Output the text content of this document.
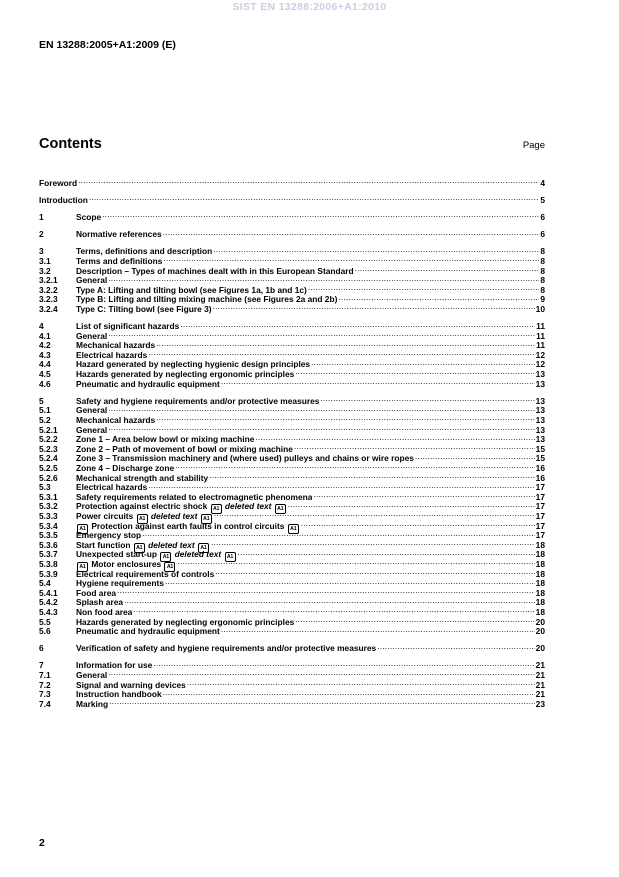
SIST EN 13288:2006+A1:2010
EN 13288:2005+A1:2009 (E)
Contents	Page
Foreword .....	4
Introduction .....	5
1	Scope .....	6
2	Normative references .....	6
3	Terms, definitions and description .....	8
3.1	Terms and definitions .....	8
3.2	Description – Types of machines dealt with in this European Standard .....	8
3.2.1	General .....	8
3.2.2	Type A: Lifting and tilting bowl (see Figures 1a, 1b and 1c) .....	8
3.2.3	Type B: Lifting and tilting mixing machine (see Figures 2a and 2b) .....	9
3.2.4	Type C: Tilting bowl (see Figure 3) .....	10
4	List of significant hazards .....	11
4.1	General .....	11
4.2	Mechanical hazards .....	11
4.3	Electrical hazards .....	12
4.4	Hazard generated by neglecting hygienic design principles .....	12
4.5	Hazards generated by neglecting ergonomic principles .....	13
4.6	Pneumatic and hydraulic equipment .....	13
5	Safety and hygiene requirements and/or protective measures .....	13
5.1	General .....	13
5.2	Mechanical hazards .....	13
5.2.1	General .....	13
5.2.2	Zone 1 – Area below bowl or mixing machine .....	13
5.2.3	Zone 2 – Path of movement of bowl or mixing machine .....	15
5.2.4	Zone 3 – Transmission machinery and (where used) pulleys and chains or wire ropes .....	15
5.2.5	Zone 4 – Discharge zone .....	16
5.2.6	Mechanical strength and stability .....	16
5.3	Electrical hazards .....	17
5.3.1	Safety requirements related to electromagnetic phenomena .....	17
5.3.2	Protection against electric shock A1 deleted text A1 .....	17
5.3.3	Power circuits A1 deleted text A1 .....	17
5.3.4	A1 Protection against earth faults in control circuits A1 .....	17
5.3.5	Emergency stop .....	17
5.3.6	Start function A1 deleted text A1 .....	18
5.3.7	Unexpected start-up A1 deleted text A1 .....	18
5.3.8	A1 Motor enclosures A1 .....	18
5.3.9	Electrical requirements of controls .....	18
5.4	Hygiene requirements .....	18
5.4.1	Food area .....	18
5.4.2	Splash area .....	18
5.4.3	Non food area .....	18
5.5	Hazards generated by neglecting ergonomic principles .....	20
5.6	Pneumatic and hydraulic equipment .....	20
6	Verification of safety and hygiene requirements and/or protective measures .....	20
7	Information for use .....	21
7.1	General .....	21
7.2	Signal and warning devices .....	21
7.3	Instruction handbook .....	21
7.4	Marking .....	23
2
